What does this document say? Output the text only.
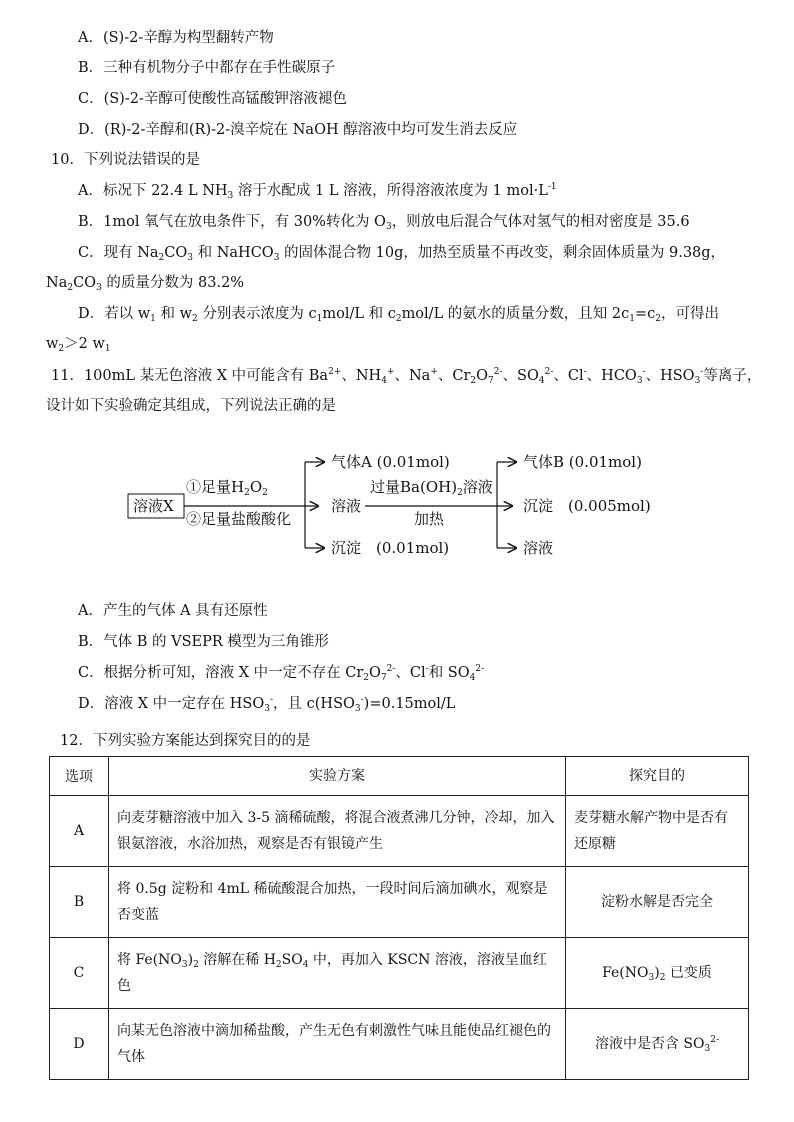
A．(S)-2-辛醇为构型翻转产物
B．三种有机物分子中都存在手性碳原子
C．(S)-2-辛醇可使酸性高锰酸钾溶液褪色
D．(R)-2-辛醇和(R)-2-溴辛烷在 NaOH 醇溶液中均可发生消去反应
10．下列说法错误的是
A．标况下 22.4 L $NH_3$ 溶于水配成 1 L 溶液，所得溶液浓度为 1 $mol\cdot L^{-1}$
B．1mol 氧气在放电条件下，有 30%转化为 $O_3$，则放电后混合气体对氢气的相对密度是 35.6
C．现有 $Na_2CO_3$ 和 NaHCO$_3$ 的固体混合物 10g，加热至质量不再改变，剩余固体质量为 9.38g，
$Na_2CO_3$ 的质量分数为 83.2%
D．若以 $w_1$ 和 $w_2$ 分别表示浓度为 $c_1mol/L$ 和 $c_2mol/L$ 的氨水的质量分数，且知 $2c_1=c_2$，可得出
$w_2>2$ $w_1$
11．100mL 某无色溶液 X 中可能含有 $Ba^{2+}$、$NH_4^+$、Na+、$Cr_2O_7^{2-}$、$SO_4^{2-}$、Cl-、$HCO_3^-$、$HSO_3^-$等离子，
设计如下实验确定其组成，下列说法正确的是
溶液X
①足量$H_2O_2$
②足量盐酸酸化
气体A (0.01mol)
溶液
沉淀　(0.01mol)
过量$Ba(OH)_2$溶液
加热
气体B (0.01mol)
沉淀　(0.005mol)
溶液
A．产生的气体 A 具有还原性
B．气体 B 的 VSEPR 模型为三角锥形
C．根据分析可知，溶液 X 中一定不存在 $Cr_2O_7^{2-}$、Cl-和 $SO_4^{2-}$
D．溶液 X 中一定存在 $HSO_3^-$，且 $c(HSO_3^-)=0.15mol/L$
12．下列实验方案能达到探究目的的是
选项	实验方案	探究目的
A	向麦芽糖溶液中加入 3-5 滴稀硫酸，将混合液煮沸几分钟，冷却，加入银氨溶液，水浴加热，观察是否有银镜产生	麦芽糖水解产物中是否有还原糖
B	将 0.5g 淀粉和 4mL 稀硫酸混合加热，一段时间后滴加碘水，观察是否变蓝	淀粉水解是否完全
C	将 $Fe(NO_3)_2$ 溶解在稀 $H_2SO_4$ 中，再加入 KSCN 溶液，溶液呈血红色	$Fe(NO_3)_2$ 已变质
D	向某无色溶液中滴加稀盐酸，产生无色有刺激性气味且能使品红褪色的气体	溶液中是否含 $SO_3^{2-}$
